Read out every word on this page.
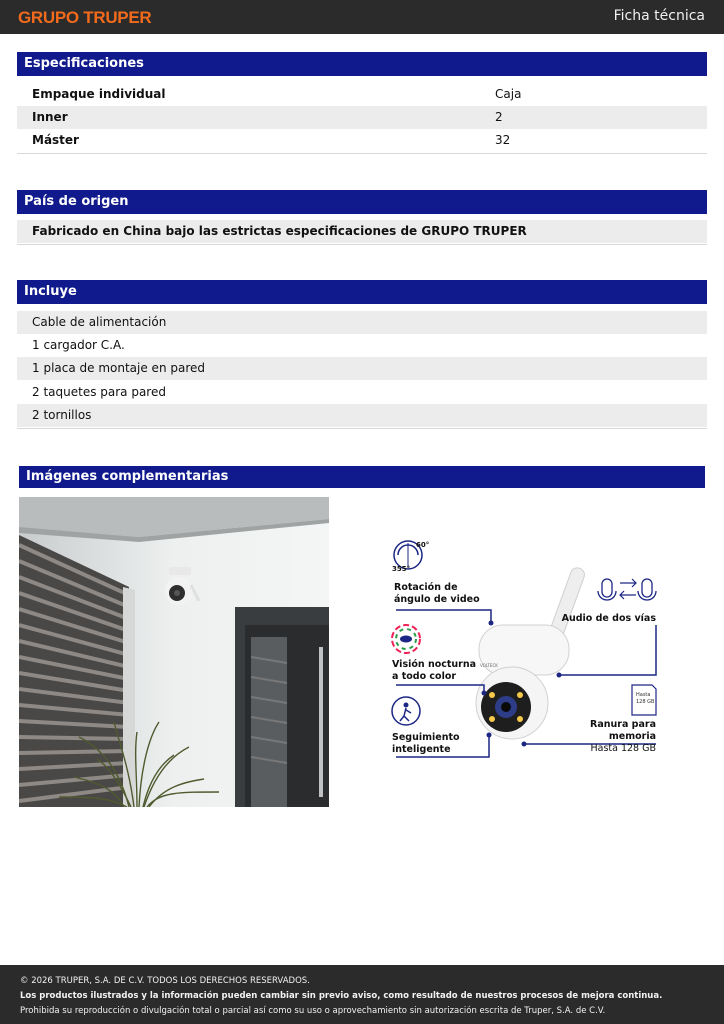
GRUPO TRUPER	Ficha técnica
Especificaciones
Empaque individual	Caja
Inner	2
Máster	32
País de origen
Fabricado en China bajo las estrictas especificaciones de GRUPO TRUPER
Incluye
Cable de alimentación
1 cargador C.A.
1 placa de montaje en pared
2 taquetes para pared
2 tornillos
Imágenes complementarias
60°
355°
Rotación de
ángulo de video
Visión nocturna
a todo color
Seguimiento
inteligente
Audio de dos vías
Hasta
128 GB
Ranura para
memoria
Hasta 128 GB
VOLTECK
© 2026 TRUPER, S.A. DE C.V. TODOS LOS DERECHOS RESERVADOS.
Los productos ilustrados y la información pueden cambiar sin previo aviso, como resultado de nuestros procesos de mejora continua.
Prohibida su reproducción o divulgación total o parcial así como su uso o aprovechamiento sin autorización escrita de Truper, S.A. de C.V.
